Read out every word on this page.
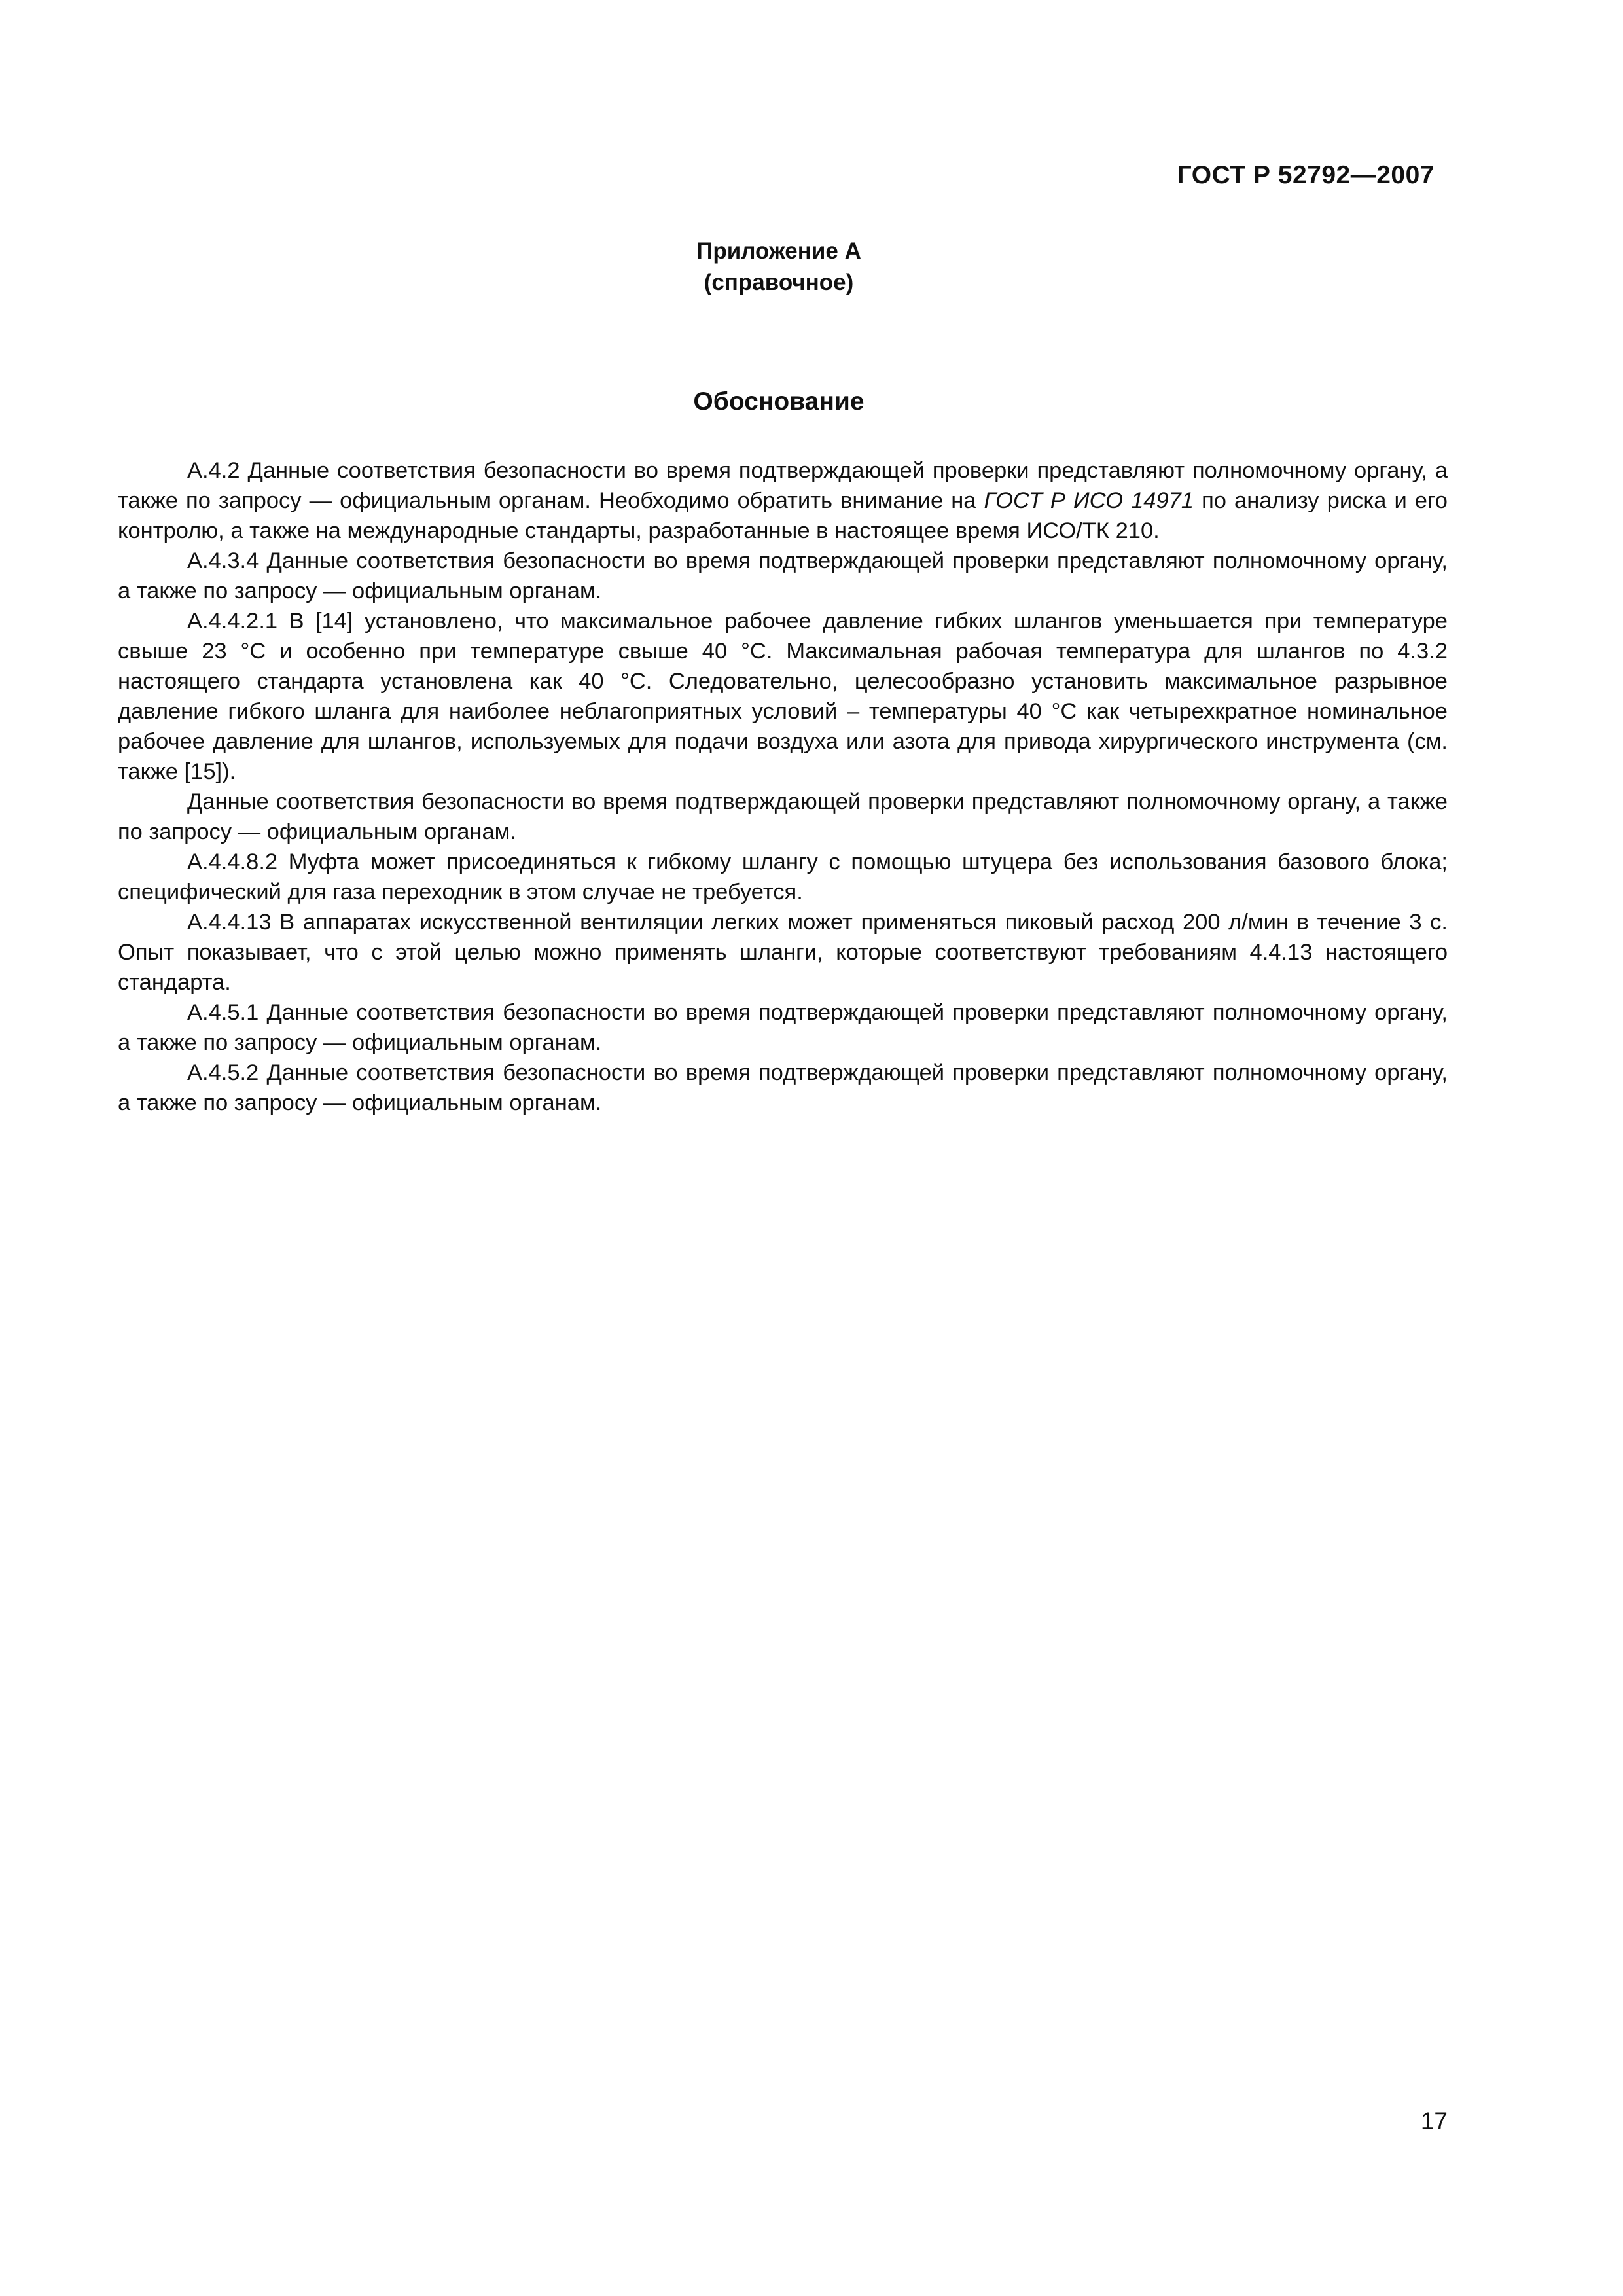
ГОСТ Р 52792—2007
Приложение А
(справочное)
Обоснование

А.4.2 Данные соответствия безопасности во время подтверждающей проверки представляют полномочному органу, а также по запросу — официальным органам. Необходимо обратить внимание на ГОСТ Р ИСО 14971 по анализу риска и его контролю, а также на международные стандарты, разработанные в настоящее время ИСО/ТК 210.

А.4.3.4 Данные соответствия безопасности во время подтверждающей проверки представляют полномочному органу, а также по запросу — официальным органам.

А.4.4.2.1 В [14] установлено, что максимальное рабочее давление гибких шлангов уменьшается при температуре свыше 23 °С и особенно при температуре свыше 40 °С. Максимальная рабочая температура для шлангов по 4.3.2 настоящего стандарта установлена как 40 °С. Следовательно, целесообразно установить максимальное разрывное давление гибкого шланга для наиболее неблагоприятных условий – температуры 40 °С как четырехкратное номинальное рабочее давление для шлангов, используемых для подачи воздуха или азота для привода хирургического инструмента (см. также [15]).

Данные соответствия безопасности во время подтверждающей проверки представляют полномочному органу, а также по запросу — официальным органам.

А.4.4.8.2 Муфта может присоединяться к гибкому шлангу с помощью штуцера без использования базового блока; специфический для газа переходник в этом случае не требуется.

А.4.4.13 В аппаратах искусственной вентиляции легких может применяться пиковый расход 200 л/мин в течение 3 с. Опыт показывает, что с этой целью можно применять шланги, которые соответствуют требованиям 4.4.13 настоящего стандарта.

А.4.5.1 Данные соответствия безопасности во время подтверждающей проверки представляют полномочному органу, а также по запросу — официальным органам.

А.4.5.2 Данные соответствия безопасности во время подтверждающей проверки представляют полномочному органу, а также по запросу — официальным органам.

17
